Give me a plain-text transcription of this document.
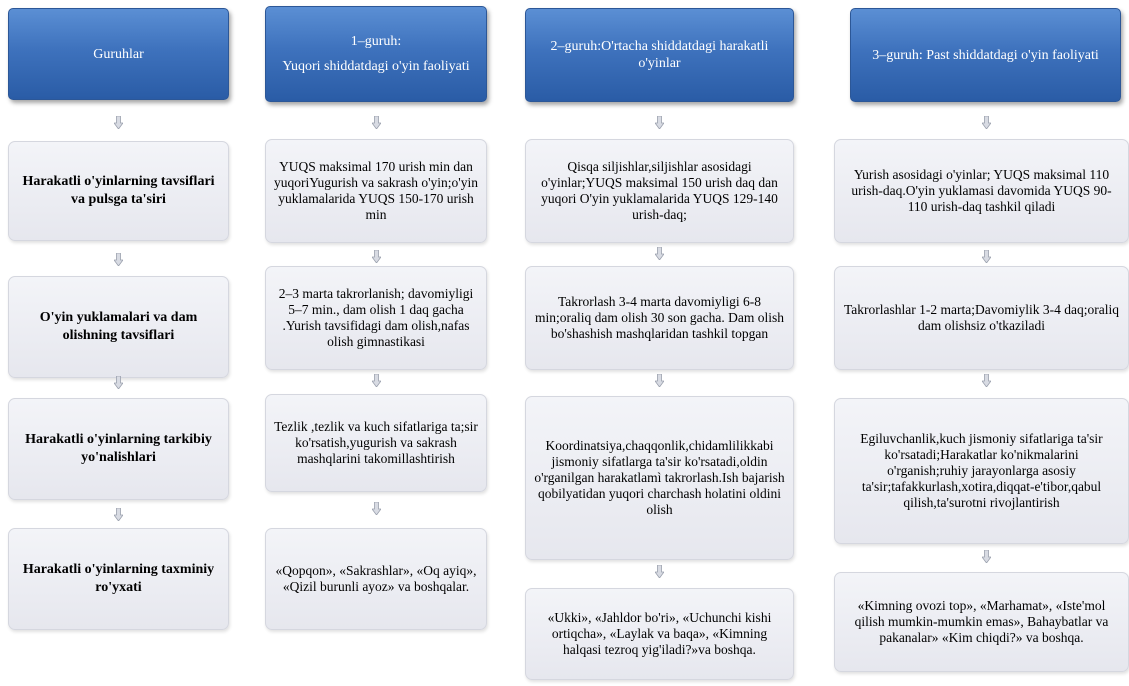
Guruhlar
Harakatli o'yinlarning tavsiflari va pulsga ta'siri
O'yin yuklamalari va dam olishning tavsiflari
Harakatli o'yinlarning tarkibiy yo'nalishlari
Harakatli o'yinlarning taxminiy ro'yxati
1–guruh:
Yuqori shiddatdagi o'yin faoliyati
YUQS maksimal 170 urish min dan yuqoriYugurish va sakrash o'yin;o'yin yuklamalarida YUQS 150-170 urish min
2–3 marta takrorlanish; davomiyligi 5–7 min., dam olish 1 daq gacha .Yurish tavsifidagi dam olish,nafas olish gimnastikasi
Tezlik ,tezlik va kuch sifatlariga ta;sir ko'rsatish,yugurish va sakrash mashqlarini takomillashtirish
«Qopqon», «Sakrashlar», «Oq ayiq», «Qizil burunli ayoz» va boshqalar.
2–guruh:O'rtacha shiddatdagi harakatli o'yinlar
Qisqa siljishlar,siljishlar asosidagi o'yinlar;YUQS maksimal 150 urish daq dan yuqori O'yin yuklamalarida YUQS 129-140 urish-daq;
Takrorlash 3-4 marta davomiyligi 6-8 min;oraliq dam olish 30 son gacha. Dam olish bo'shashish mashqlaridan tashkil topgan
Koordinatsiya,chaqqonlik,chidamlilikkabi jismoniy sifatlarga ta'sir ko'rsatadi,oldin o'rganilgan harakatlamì takrorlash.Ish bajarish qobilyatidan yuqori charchash holatini oldini olish
«Ukki», «Jahldor bo'ri», «Uchunchi kishi ortiqcha», «Laylak va baqa», «Kimning halqasi tezroq yig'iladi?»va boshqa.
3–guruh: Past shiddatdagi o'yin faoliyati
Yurish asosidagi o'yinlar; YUQS maksimal 110 urish-daq.O'yin yuklamasi davomida YUQS 90-110 urish-daq tashkil qiladi
Takrorlashlar 1-2 marta;Davomiylik 3-4 daq;oraliq dam olishsiz o'tkaziladi
Egiluvchanlik,kuch jismoniy sifatlariga ta'sir ko'rsatadi;Harakatlar ko'nikmalarini o'rganish;ruhiy jarayonlarga asosiy ta'sir;tafakkurlash,xotira,diqqat-e'tibor,qabul qilish,ta'surotni rivojlantirish
«Kimning ovozi top», «Marhamat», «Iste'mol qilish mumkin-mumkin emas», Bahaybatlar va pakanalar» «Kim chiqdi?» va boshqa.
